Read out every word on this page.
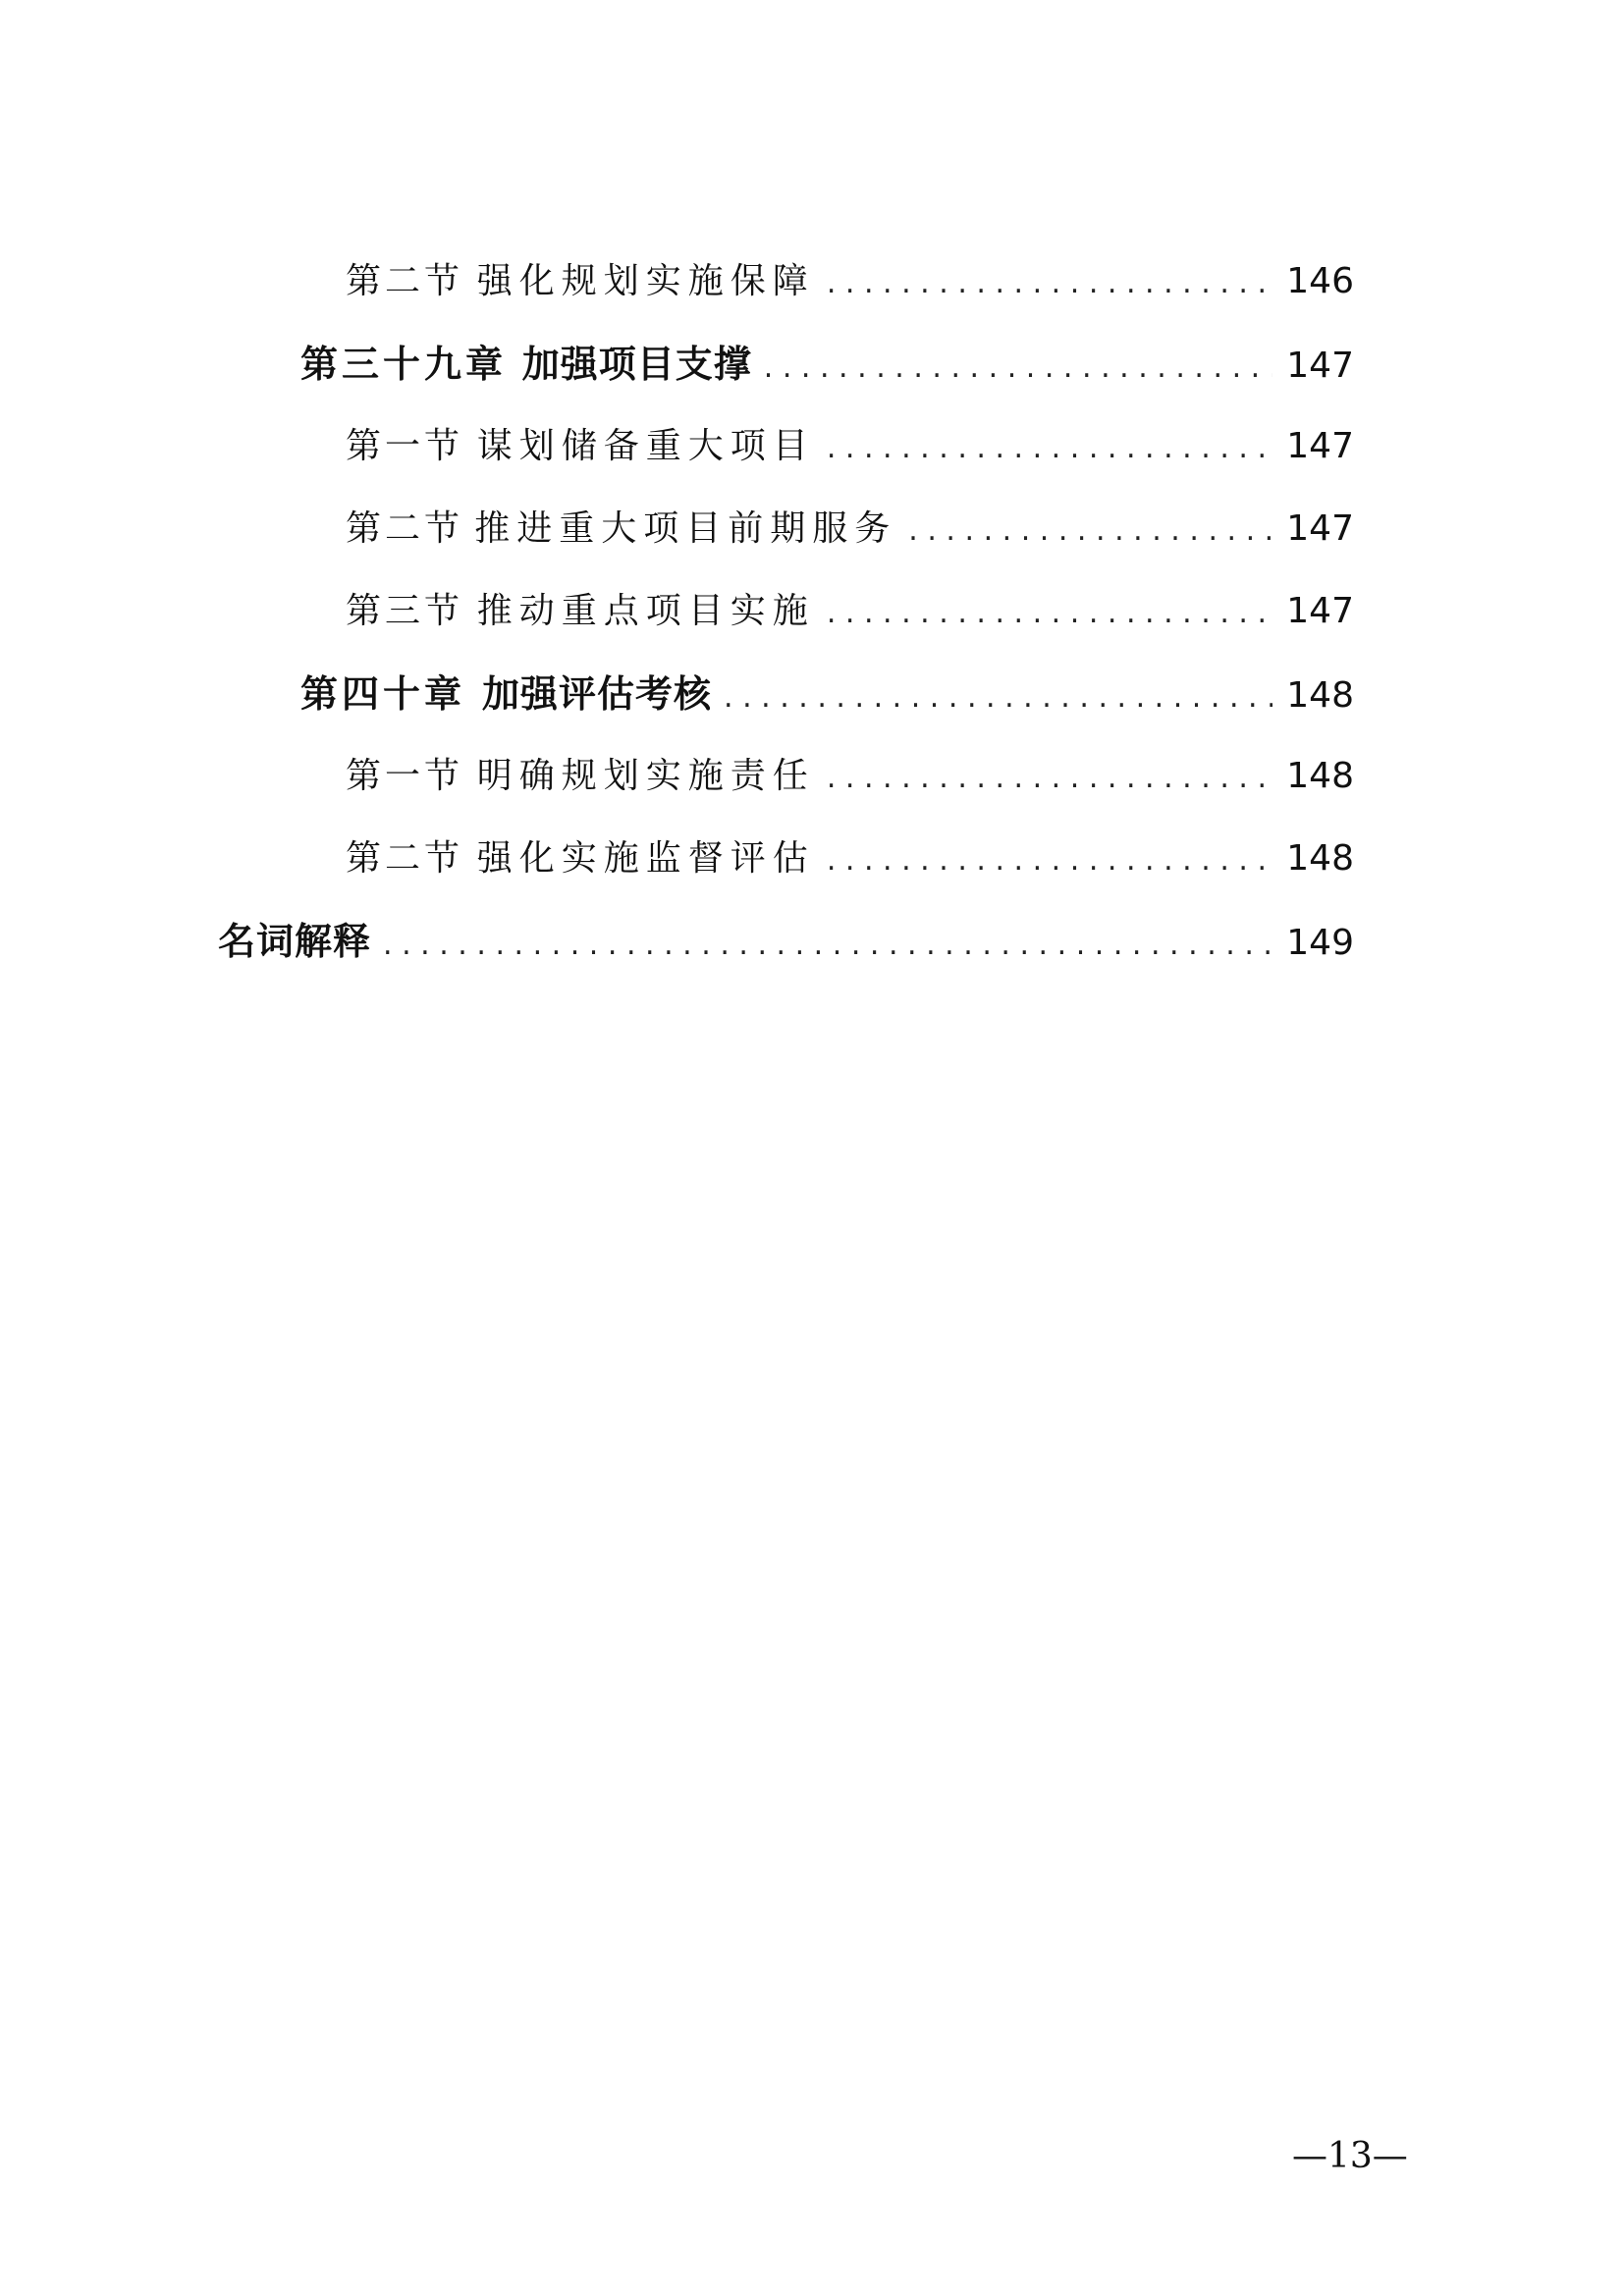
第二节 强化规划实施保障 . . .	146
第三十九章 加强项目支撑 . . .	147
第一节 谋划储备重大项目 . . .	147
第二节 推进重大项目前期服务 . . .	147
第三节 推动重点项目实施 . . .	147
第四十章 加强评估考核 . . .	148
第一节 明确规划实施责任 . . .	148
第二节 强化实施监督评估 . . .	148
名词解释 . . .	149
—13—
